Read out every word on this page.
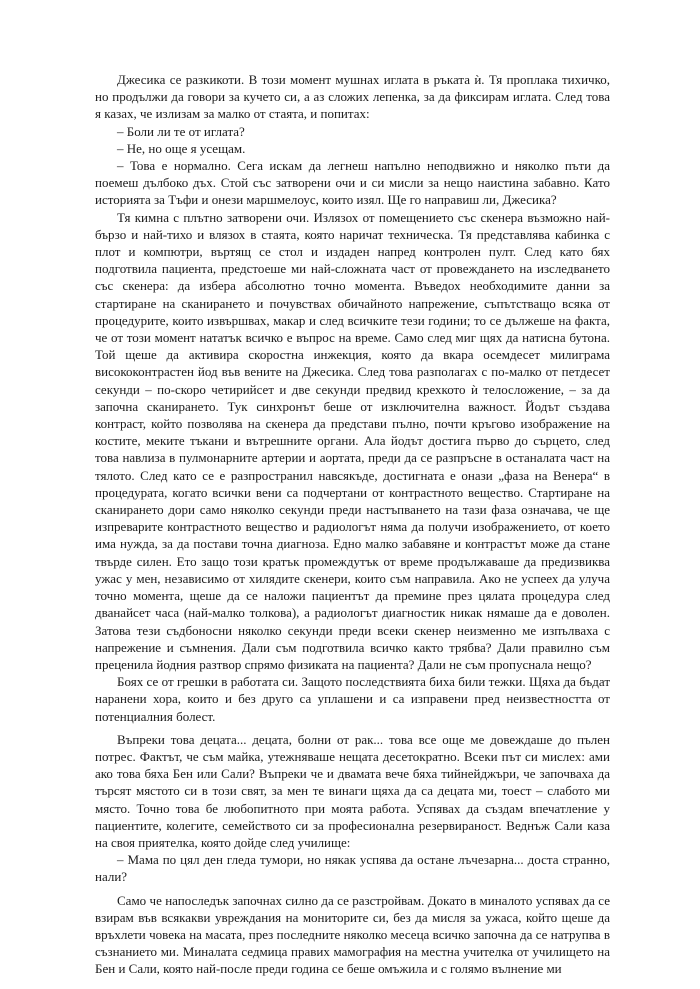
Джесика се разкикоти. В този момент мушнах иглата в ръката ѝ. Тя проплака тихичко, но продължи да говори за кучето си, а аз сложих лепенка, за да фиксирам иглата. След това я казах, че излизам за малко от стаята, и попитах:

– Боли ли те от иглата?

– Не, но още я усещам.

– Това е нормално. Сега искам да легнеш напълно неподвижно и няколко пъти да поемеш дълбоко дъх. Стой със затворени очи и си мисли за нещо наистина забавно. Като историята за Тъфи и онези маршмелоус, които изял. Ще го направиш ли, Джесика?

Тя кимна с плътно затворени очи. Излязох от помещението със скенера възможно най-бързо и най-тихо и влязох в стаята, която наричат техническа. Тя представлява кабинка с плот и компютри, въртящ се стол и издаден напред контролен пулт. След като бях подготвила пациента, предстоеше ми най-сложната част от провеждането на изследването със скенера: да избера абсолютно точно момента. Въведох необходимите данни за стартиране на сканирането и почувствах обичайното напрежение, съпътстващо всяка от процедурите, които извършвах, макар и след всичките тези години; то се дължеше на факта, че от този момент нататък всичко е въпрос на време. Само след миг щях да натисна бутона. Той щеше да активира скоростна инжекция, която да вкара осемдесет милиграма висококонтрастен йод във вените на Джесика. След това разполагах с по-малко от петдесет секунди – по-скоро четирийсет и две секунди предвид крехкото ѝ телосложение, – за да започна сканирането. Тук синхронът беше от изключителна важност. Йодът създава контраст, който позволява на скенера да представи пълно, почти кръгово изображение на костите, меките тъкани и вътрешните органи. Ала йодът достига първо до сърцето, след това навлиза в пулмонарните артерии и аортата, преди да се разпръсне в останалата част на тялото. След като се е разпространил навсякъде, достигната е онази „фаза на Венера“ в процедурата, когато всички вени са подчертани от контрастното вещество. Стартиране на сканирането дори само няколко секунди преди настъпването на тази фаза означава, че ще изпреварите контрастното вещество и радиологът няма да получи изображението, от което има нужда, за да постави точна диагноза. Едно малко забавяне и контрастът може да стане твърде силен. Ето защо този кратък промеждутък от време продължаваше да предизвиква ужас у мен, независимо от хилядите скенери, които съм направила. Ако не успеех да улуча точно момента, щеше да се наложи пациентът да премине през цялата процедура след дванайсет часа (най-малко толкова), а радиологът диагностик никак нямаше да е доволен. Затова тези съдбоносни няколко секунди преди всеки скенер неизменно ме изпълваха с напрежение и съмнения. Дали съм подготвила всичко както трябва? Дали правилно съм преценила йодния разтвор спрямо физиката на пациента? Дали не съм пропуснала нещо?

Боях се от грешки в работата си. Защото последствията биха били тежки. Щяха да бъдат наранени хора, които и без друго са уплашени и са изправени пред неизвестността от потенциалния болест.

Въпреки това децата... децата, болни от рак... това все още ме довеждаше до пълен потрес. Фактът, че съм майка, утежняваше нещата десетократно. Всеки път си мислех: ами ако това бяха Бен или Сали? Въпреки че и двамата вече бяха тийнейджъри, че започваха да търсят мястото си в този свят, за мен те винаги щяха да са децата ми, тоест – слабото ми място. Точно това бе любопитното при моята работа. Успявах да създам впечатление у пациентите, колегите, семейството си за професионална резервираност. Веднъж Сали каза на своя приятелка, която дойде след училище:

– Мама по цял ден гледа тумори, но някак успява да остане лъчезарна... доста странно, нали?

Само че напоследък започнах силно да се разстройвам. Докато в миналото успявах да се взирам във всякакви увреждания на мониторите си, без да мисля за ужаса, който щеше да връхлети човека на масата, през последните няколко месеца всичко започна да се натрупва в съзнанието ми. Миналата седмица правих мамография на местна учителка от училището на Бен и Сали, която най-после преди година се беше омъжила и с голямо вълнение ми
